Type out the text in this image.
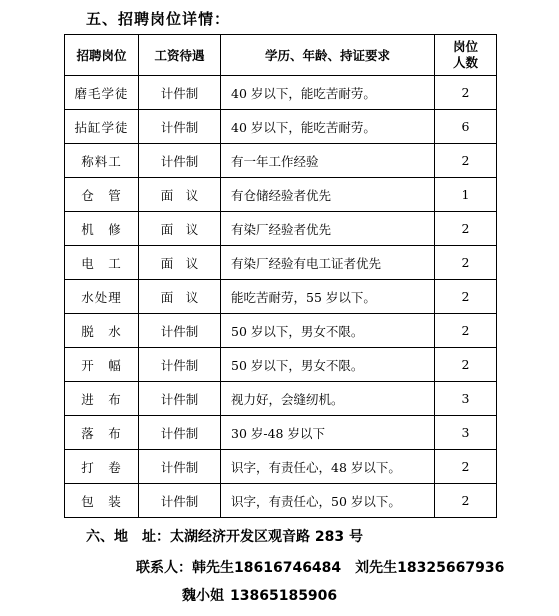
五、招聘岗位详情：
招聘岗位	工资待遇	学历、年龄、持证要求	岗位
人数
磨毛学徒	计件制	40 岁以下，能吃苦耐劳。	2
拈缸学徒	计件制	40 岁以下，能吃苦耐劳。	6
称料工	计件制	有一年工作经验	2
仓　管	面　议	有仓储经验者优先	1
机　修	面　议	有染厂经验者优先	2
电　工	面　议	有染厂经验有电工证者优先	2
水处理	面　议	能吃苦耐劳，55 岁以下。	2
脱　水	计件制	50 岁以下，男女不限。	2
开　幅	计件制	50 岁以下，男女不限。	2
进　布	计件制	视力好，会缝纫机。	3
落　布	计件制	30 岁-48 岁以下	3
打　卷	计件制	识字，有责任心，48 岁以下。	2
包　装	计件制	识字，有责任心，50 岁以下。	2
六、地　址：太湖经济开发区观音路 283 号
联系人：韩先生18616746484 刘先生18325667936
魏小姐 13865185906
